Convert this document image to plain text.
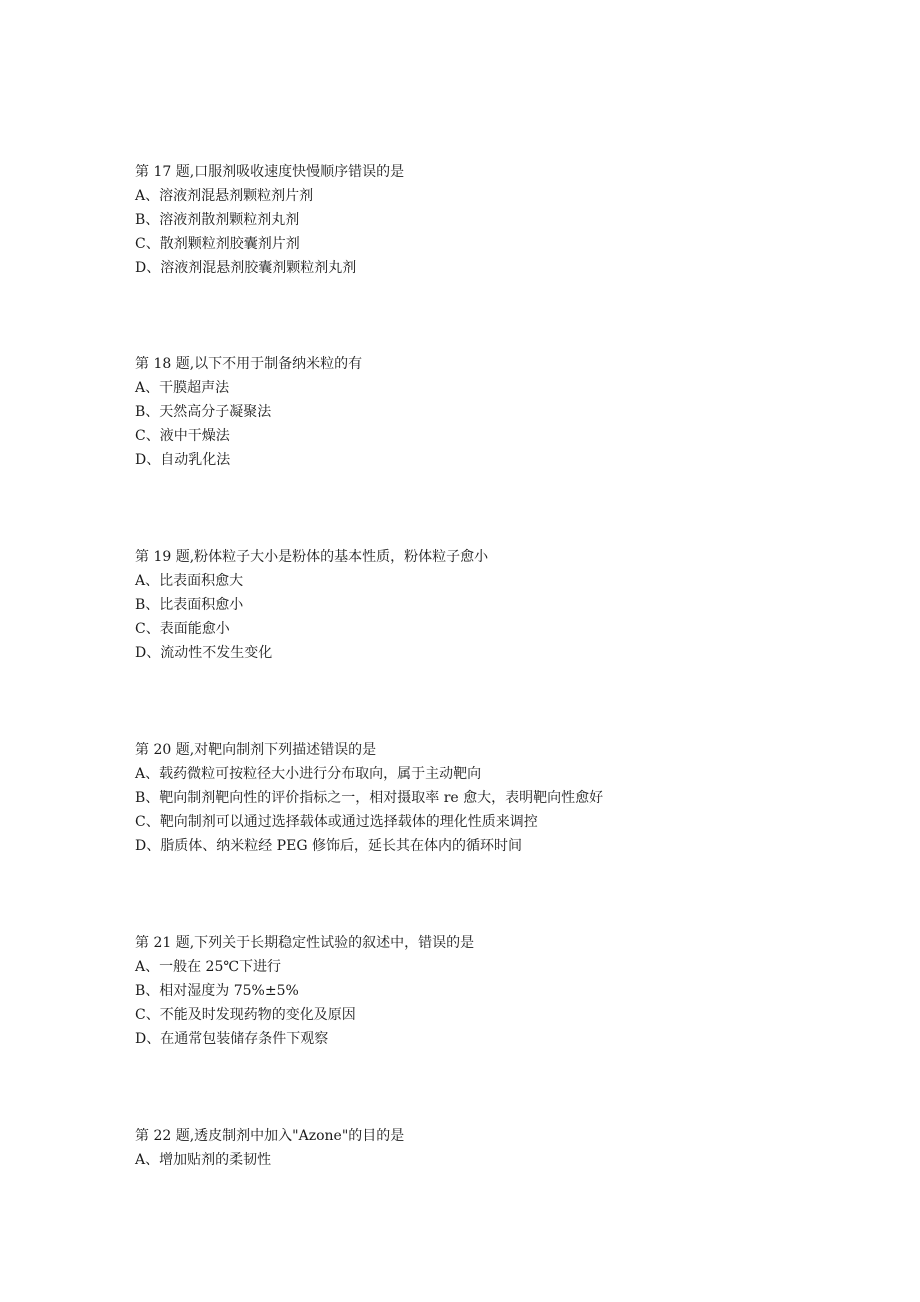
第 17 题,口服剂吸收速度快慢顺序错误的是
A、溶液剂混悬剂颗粒剂片剂
B、溶液剂散剂颗粒剂丸剂
C、散剂颗粒剂胶囊剂片剂
D、溶液剂混悬剂胶囊剂颗粒剂丸剂
第 18 题,以下不用于制备纳米粒的有
A、干膜超声法
B、天然高分子凝聚法
C、液中干燥法
D、自动乳化法
第 19 题,粉体粒子大小是粉体的基本性质，粉体粒子愈小
A、比表面积愈大
B、比表面积愈小
C、表面能愈小
D、流动性不发生变化
第 20 题,对靶向制剂下列描述错误的是
A、载药微粒可按粒径大小进行分布取向，属于主动靶向
B、靶向制剂靶向性的评价指标之一，相对摄取率 re 愈大，表明靶向性愈好
C、靶向制剂可以通过选择载体或通过选择载体的理化性质来调控
D、脂质体、纳米粒经 PEG 修饰后，延长其在体内的循环时间
第 21 题,下列关于长期稳定性试验的叙述中，错误的是
A、一般在 25℃下进行
B、相对湿度为 75%±5%
C、不能及时发现药物的变化及原因
D、在通常包装储存条件下观察
第 22 题,透皮制剂中加入"Azone"的目的是
A、增加贴剂的柔韧性
